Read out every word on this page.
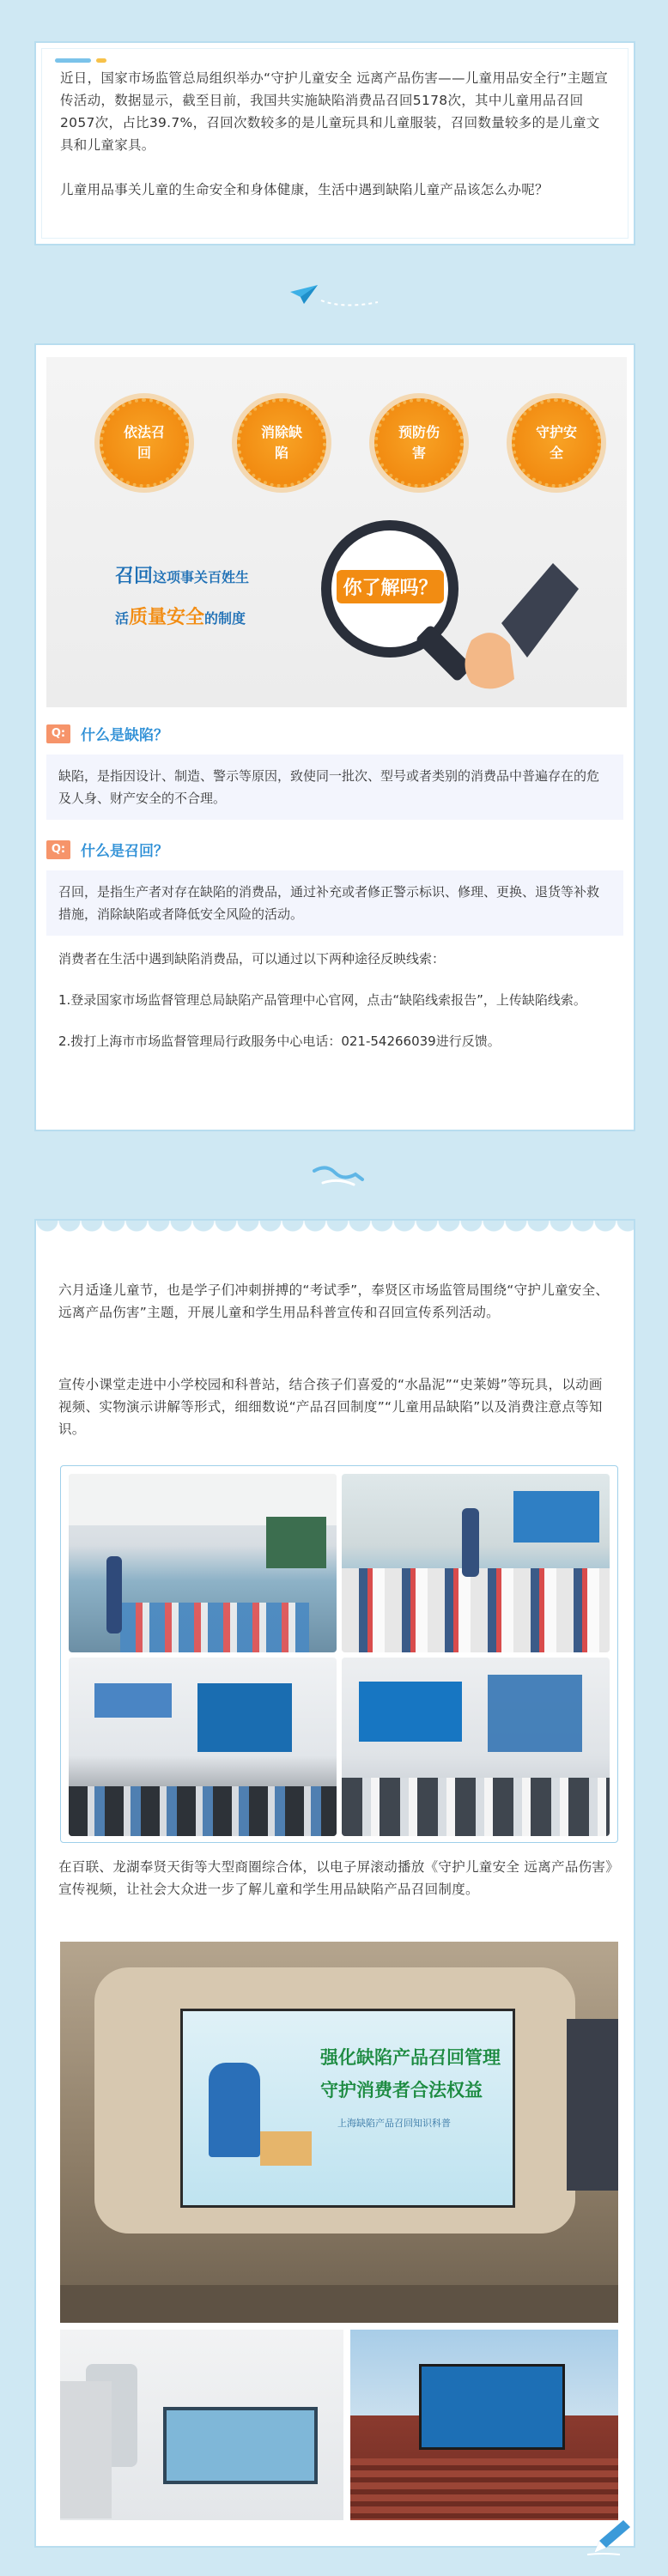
近日，国家市场监管总局组织举办“守护儿童安全 远离产品伤害——儿童用品安全行”主题宣传活动，数据显示，截至目前，我国共实施缺陷消费品召回5178次，其中儿童用品召回2057次，占比39.7%，召回次数较多的是儿童玩具和儿童服装，召回数量较多的是儿童文具和儿童家具。

儿童用品事关儿童的生命安全和身体健康，生活中遇到缺陷儿童产品该怎么办呢？

依法召回
消除缺陷
预防伤害
守护安全
召回这项事关百姓生
活质量安全的制度
你了解吗？
Q:	什么是缺陷？
缺陷，是指因设计、制造、警示等原因，致使同一批次、型号或者类别的消费品中普遍存在的危及人身、财产安全的不合理。
Q:	什么是召回？
召回，是指生产者对存在缺陷的消费品，通过补充或者修正警示标识、修理、更换、退货等补救措施，消除缺陷或者降低安全风险的活动。

消费者在生活中遇到缺陷消费品，可以通过以下两种途径反映线索：

1.登录国家市场监督管理总局缺陷产品管理中心官网，点击“缺陷线索报告”，上传缺陷线索。

2.拨打上海市市场监督管理局行政服务中心电话：021-54266039进行反馈。

六月适逢儿童节，也是学子们冲刺拼搏的“考试季”，奉贤区市场监管局围绕“守护儿童安全、远离产品伤害”主题，开展儿童和学生用品科普宣传和召回宣传系列活动。

宣传小课堂走进中小学校园和科普站，结合孩子们喜爱的“水晶泥”“史莱姆”等玩具，以动画视频、实物演示讲解等形式，细细数说“产品召回制度”“儿童用品缺陷”以及消费注意点等知识。

在百联、龙湖奉贤天街等大型商圈综合体，以电子屏滚动播放《守护儿童安全 远离产品伤害》宣传视频，让社会大众进一步了解儿童和学生用品缺陷产品召回制度。

强化缺陷产品召回管理
守护消费者合法权益
上海缺陷产品召回知识科普
